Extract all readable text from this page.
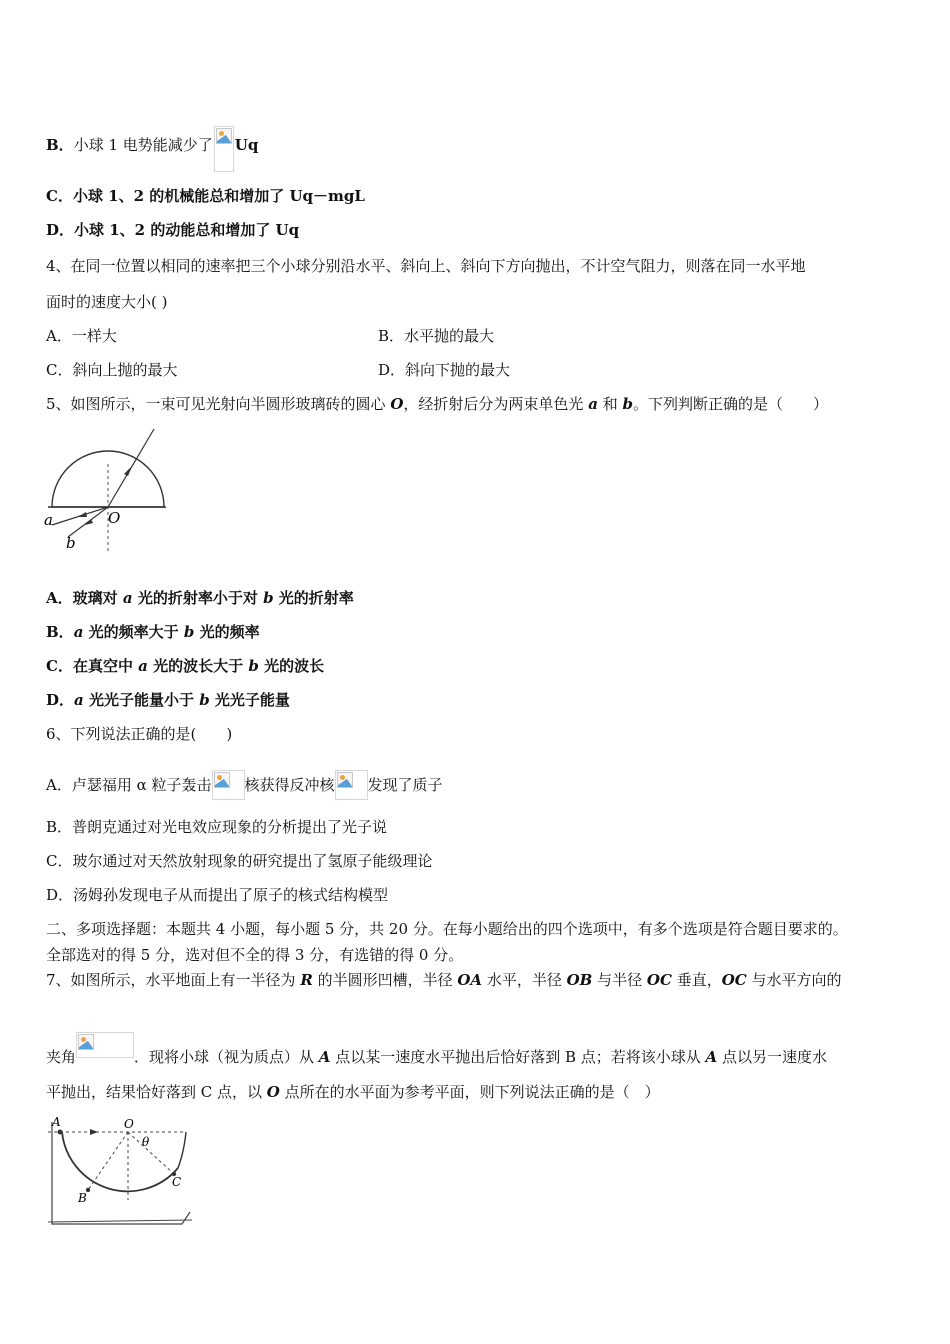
B．小球 1 电势能减少了 Uq
C．小球 1、2 的机械能总和增加了 Uq－mgL
D．小球 1、2 的动能总和增加了 Uq
4、在同一位置以相同的速率把三个小球分别沿水平、斜向上、斜向下方向抛出，不计空气阻力，则落在同一水平地
面时的速度大小( )
A．一样大	B．水平抛的最大
C．斜向上抛的最大	D．斜向下抛的最大
5、如图所示，一束可见光射向半圆形玻璃砖的圆心 O，经折射后分为两束单色光 a 和 b。下列判断正确的是（　　）
a
b
O
A．玻璃对 a 光的折射率小于对 b 光的折射率
B．a 光的频率大于 b 光的频率
C．在真空中 a 光的波长大于 b 光的波长
D．a 光光子能量小于 b 光光子能量
6、下列说法正确的是(　　)
A．卢瑟福用 α 粒子轰击 核获得反冲核 发现了质子
B．普朗克通过对光电效应现象的分析提出了光子说
C．玻尔通过对天然放射现象的研究提出了氢原子能级理论
D．汤姆孙发现电子从而提出了原子的核式结构模型
二、多项选择题：本题共 4 小题，每小题 5 分，共 20 分。在每小题给出的四个选项中，有多个选项是符合题目要求的。
全部选对的得 5 分，选对但不全的得 3 分，有选错的得 0 分。
7、如图所示，水平地面上有一半径为 R 的半圆形凹槽，半径 OA 水平，半径 OB 与半径 OC 垂直，OC 与水平方向的
夹角	．现将小球（视为质点）从 A 点以某一速度水平抛出后恰好落到 B 点；若将该小球从 A 点以另一速度水
平抛出，结果恰好落到 C 点，以 O 点所在的水平面为参考平面，则下列说法正确的是（　）
A	O
θ
B
C
